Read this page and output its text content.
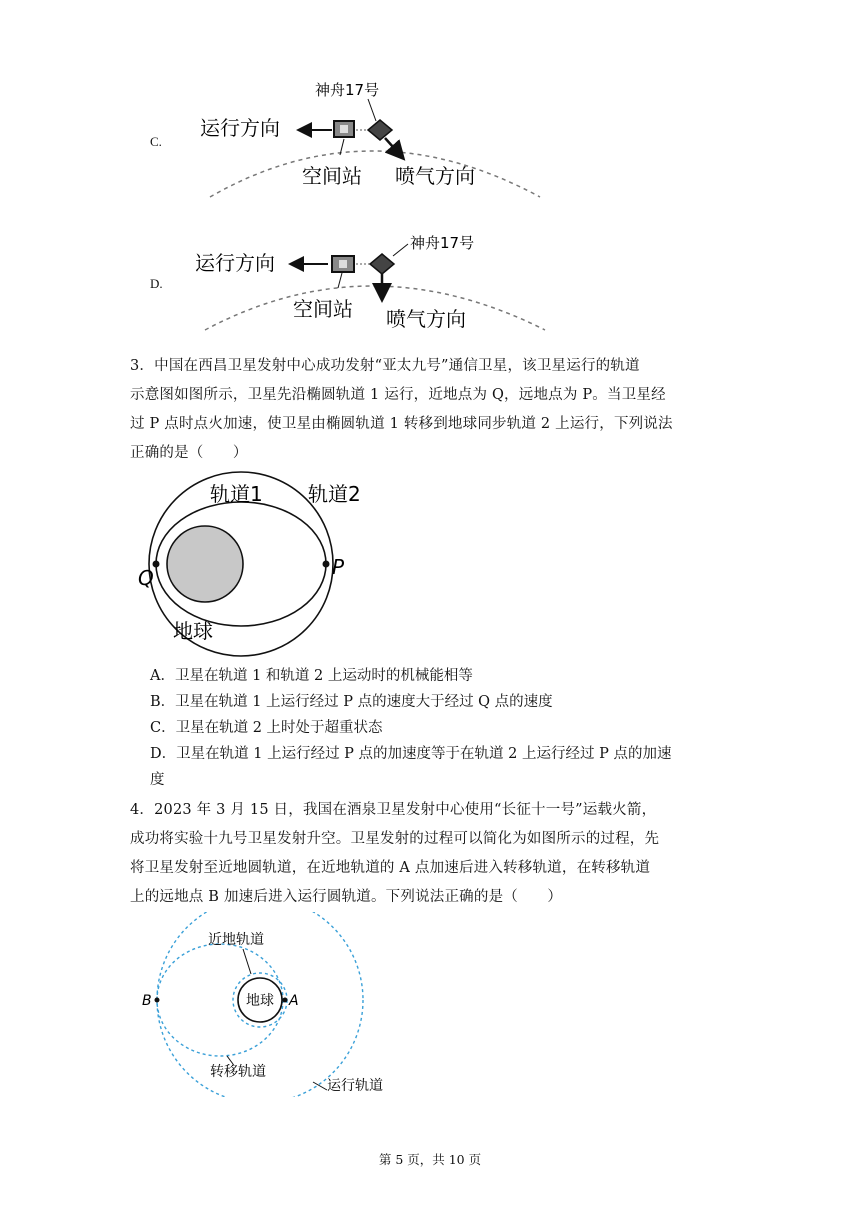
C.
神舟17号
运行方向
空间站 喷气方向
D.
运行方向
神舟17号
空间站 喷气方向
3．中国在西昌卫星发射中心成功发射“亚太九号”通信卫星，该卫星运行的轨道
示意图如图所示，卫星先沿椭圆轨道 1 运行，近地点为 Q，远地点为 P。当卫星经
过 P 点时点火加速，使卫星由椭圆轨道 1 转移到地球同步轨道 2 上运行，下列说法
正确的是（　　）
轨道1 轨道2
Q	P
地球
A．卫星在轨道 1 和轨道 2 上运动时的机械能相等
B．卫星在轨道 1 上运行经过 P 点的速度大于经过 Q 点的速度
C．卫星在轨道 2 上时处于超重状态
D．卫星在轨道 1 上运行经过 P 点的加速度等于在轨道 2 上运行经过 P 点的加速
度
4．2023 年 3 月 15 日，我国在酒泉卫星发射中心使用“长征十一号”运载火箭，
成功将实验十九号卫星发射升空。卫星发射的过程可以简化为如图所示的过程，先
将卫星发射至近地圆轨道，在近地轨道的 A 点加速后进入转移轨道，在转移轨道
上的远地点 B 加速后进入运行圆轨道。下列说法正确的是（　　）
近地轨道
地球 A
B
转移轨道
运行轨道
第 5 页，共 10 页
